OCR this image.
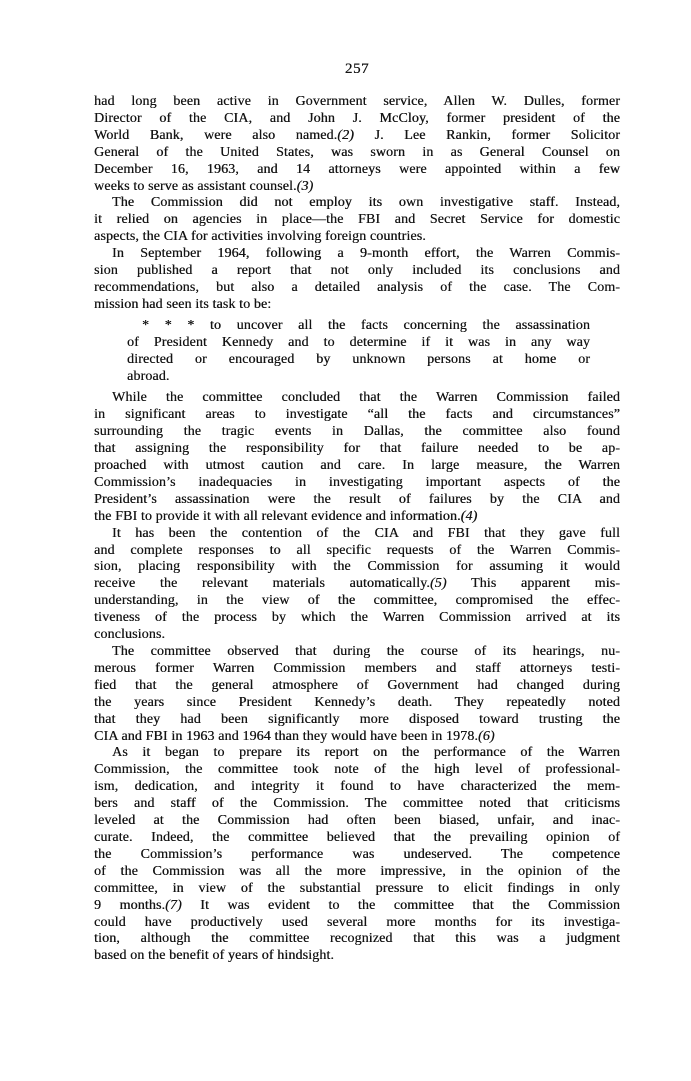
257
had long been active in Government service, Allen W. Dulles, former
Director of the CIA, and John J. McCloy, former president of the
World Bank, were also named.(2) J. Lee Rankin, former Solicitor
General of the United States, was sworn in as General Counsel on
December 16, 1963, and 14 attorneys were appointed within a few
weeks to serve as assistant counsel.(3)
The Commission did not employ its own investigative staff. Instead,
it relied on agencies in place—the FBI and Secret Service for domestic
aspects, the CIA for activities involving foreign countries.
In September 1964, following a 9-month effort, the Warren Commis-
sion published a report that not only included its conclusions and
recommendations, but also a detailed analysis of the case. The Com-
mission had seen its task to be:
* * * to uncover all the facts concerning the assassination
of President Kennedy and to determine if it was in any way
directed or encouraged by unknown persons at home or
abroad.
While the committee concluded that the Warren Commission failed
in significant areas to investigate “all the facts and circumstances”
surrounding the tragic events in Dallas, the committee also found
that assigning the responsibility for that failure needed to be ap-
proached with utmost caution and care. In large measure, the Warren
Commission’s inadequacies in investigating important aspects of the
President’s assassination were the result of failures by the CIA and
the FBI to provide it with all relevant evidence and information.(4)
It has been the contention of the CIA and FBI that they gave full
and complete responses to all specific requests of the Warren Commis-
sion, placing responsibility with the Commission for assuming it would
receive the relevant materials automatically.(5) This apparent mis-
understanding, in the view of the committee, compromised the effec-
tiveness of the process by which the Warren Commission arrived at its
conclusions.
The committee observed that during the course of its hearings, nu-
merous former Warren Commission members and staff attorneys testi-
fied that the general atmosphere of Government had changed during
the years since President Kennedy’s death. They repeatedly noted
that they had been significantly more disposed toward trusting the
CIA and FBI in 1963 and 1964 than they would have been in 1978.(6)
As it began to prepare its report on the performance of the Warren
Commission, the committee took note of the high level of professional-
ism, dedication, and integrity it found to have characterized the mem-
bers and staff of the Commission. The committee noted that criticisms
leveled at the Commission had often been biased, unfair, and inac-
curate. Indeed, the committee believed that the prevailing opinion of
the Commission’s performance was undeserved. The competence
of the Commission was all the more impressive, in the opinion of the
committee, in view of the substantial pressure to elicit findings in only
9 months.(7) It was evident to the committee that the Commission
could have productively used several more months for its investiga-
tion, although the committee recognized that this was a judgment
based on the benefit of years of hindsight.
